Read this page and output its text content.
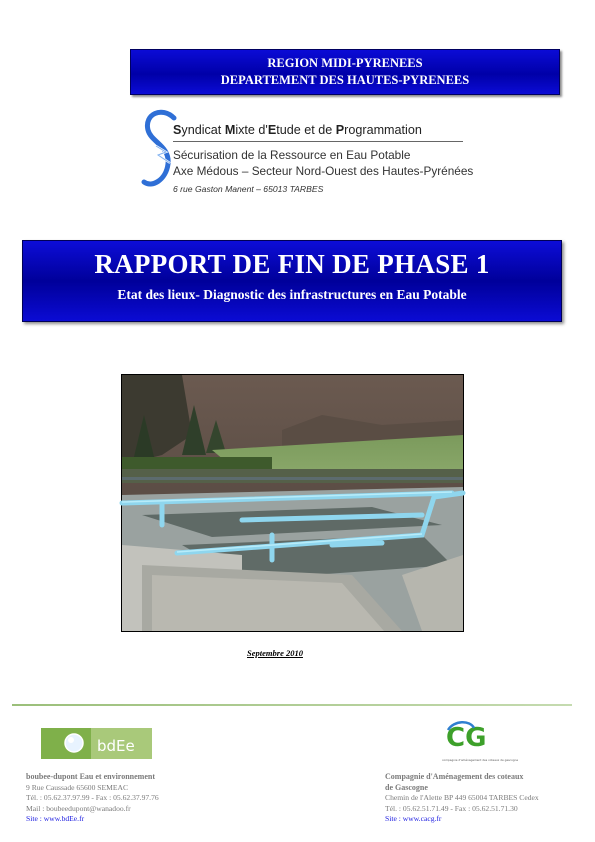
REGION MIDI-PYRENEES
DEPARTEMENT DES HAUTES-PYRENEES
Syndicat Mixte d'Etude et de Programmation
Sécurisation de la Ressource en Eau Potable
Axe Médous – Secteur Nord-Ouest des Hautes-Pyrénées
6 rue Gaston Manent – 65013 TARBES
RAPPORT DE FIN DE PHASE 1
Etat des lieux- Diagnostic des infrastructures en Eau Potable
Septembre 2010
bdEe	CG
compagnie d'aménagement des coteaux de gascogne
boubee-dupont Eau et environnement
9 Rue Caussade 65600 SEMEAC
Tél. : 05.62.37.97.99 - Fax : 05.62.37.97.76
Mail : boubeedupont@wanadoo.fr
Site : www.bdEe.fr
Compagnie d'Aménagement des coteaux
de Gascogne
Chemin de l'Alette BP 449 65004 TARBES Cedex
Tél. : 05.62.51.71.49 - Fax : 05.62.51.71.30
Site : www.cacg.fr
